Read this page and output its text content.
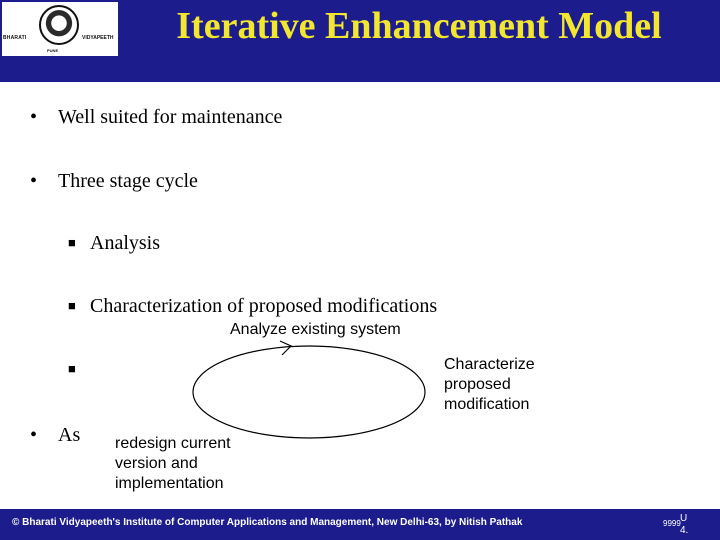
BHARATI	VIDYAPEETH
PUNE
Iterative Enhancement Model
• Well suited for maintenance
• Three stage cycle
■ Analysis
■ Characterization of proposed modifications
■
• As
Analyze existing system
Characterize
proposed
modification
redesign current
version and
implementation
© Bharati Vidyapeeth's Institute of Computer Applications and Management, New Delhi-63, by Nitish Pathak	9999 U
4.
